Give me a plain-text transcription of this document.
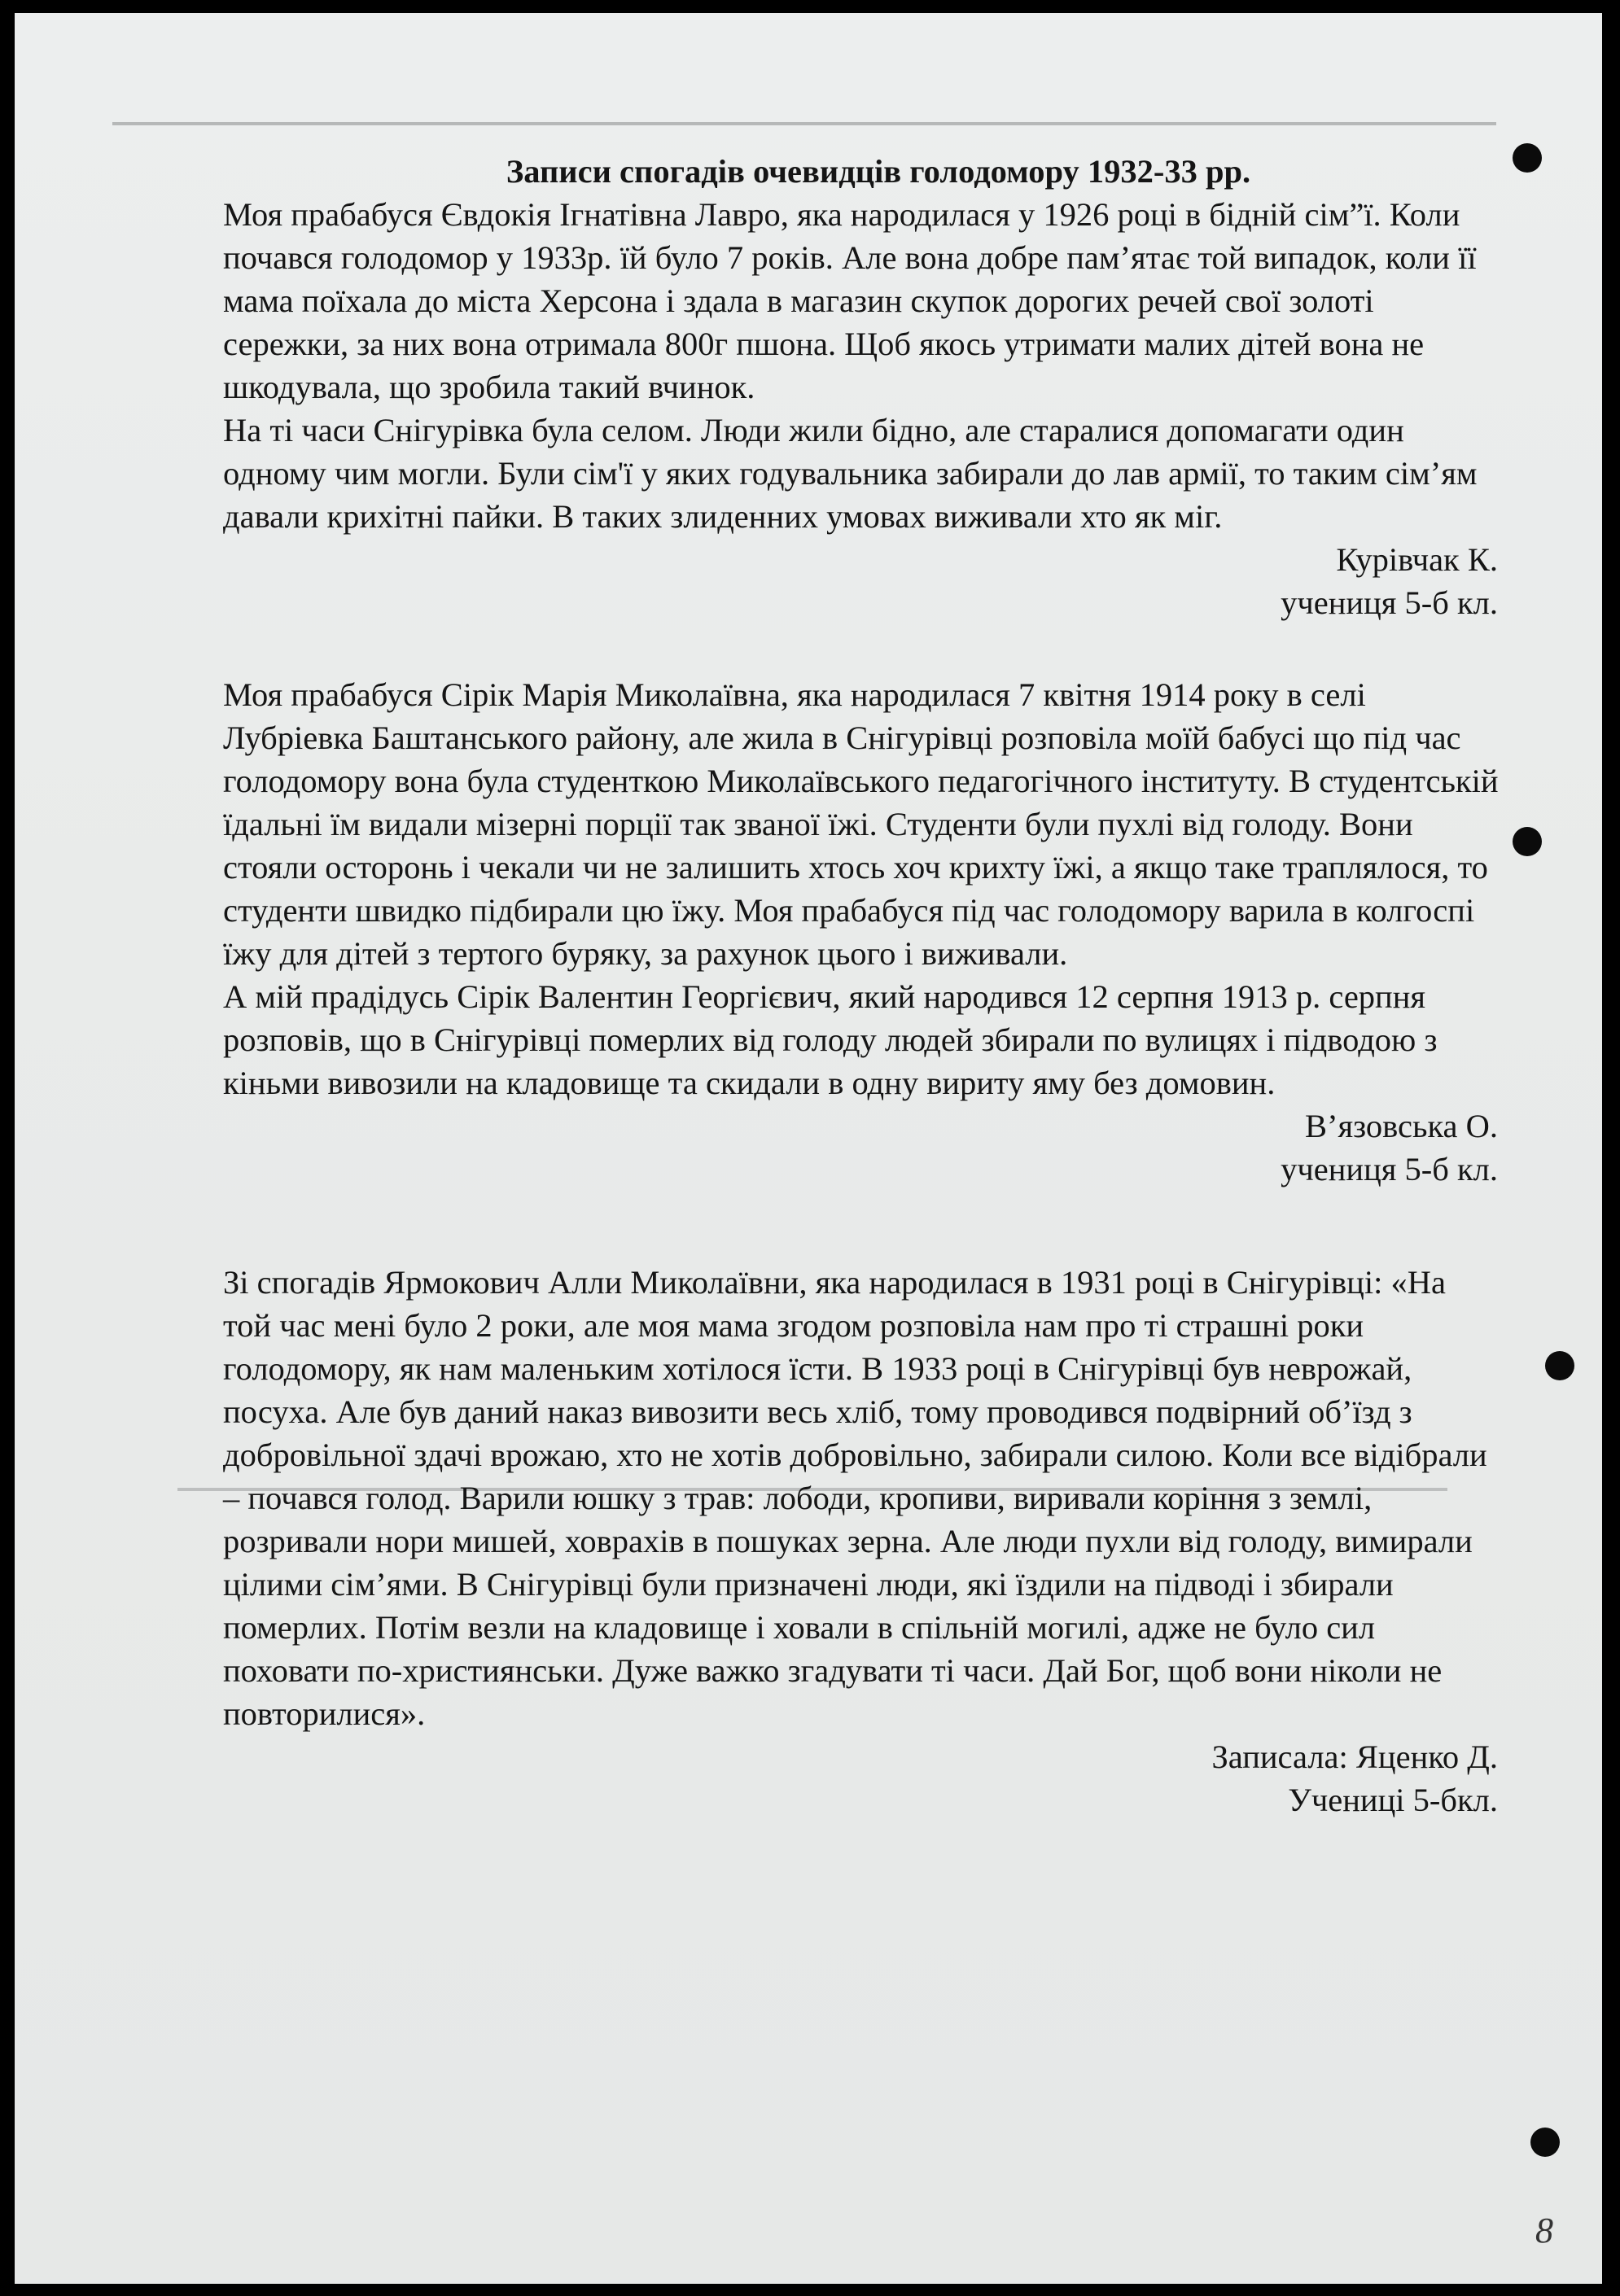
Записи спогадів очевидців голодомору 1932-33 рр.

Моя прабабуся Євдокія Ігнатівна Лавро, яка народилася у 1926 році в бідній сім”ї. Коли почався голодомор у 1933р. їй було 7 років. Але вона добре пам’ятає той випадок, коли її мама поїхала до міста Херсона і здала в магазин скупок дорогих речей свої золоті сережки, за них вона отримала 800г пшона. Щоб якось утримати малих дітей вона не шкодувала, що зробила такий вчинок.

На ті часи Снігурівка була селом. Люди жили бідно, але старалися допомагати один одному чим могли. Були сім'ї у яких годувальника забирали до лав армії, то таким сім’ям давали крихітні пайки. В таких злиденних умовах виживали хто як міг.

Курівчак К.
учениця 5-б кл.

Моя прабабуся Сірік Марія Миколаївна, яка народилася 7 квітня 1914 року в селі Лубріевка Баштанського району, але жила в Снігурівці розповіла моїй бабусі що під час голодомору вона була студенткою Миколаївського педагогічного інституту. В студентській їдальні їм видали мізерні порції так званої їжі. Студенти були пухлі від голоду. Вони стояли осторонь і чекали чи не залишить хтось хоч крихту їжі, а якщо таке траплялося, то студенти швидко підбирали цю їжу. Моя прабабуся під час голодомору варила в колгоспі їжу для дітей з тертого буряку, за рахунок цього і виживали.

А мій прадідусь Сірік Валентин Георгієвич, який народився 12 серпня 1913 р. серпня розповів, що в Снігурівці померлих від голоду людей збирали по вулицях і підводою з кіньми вивозили на кладовище та скидали в одну вириту яму без домовин.

В’язовська О.
учениця 5-б кл.

Зі спогадів Ярмокович Алли Миколаївни, яка народилася в 1931 році в Снігурівці: «На той час мені було 2 роки, але моя мама згодом розповіла нам про ті страшні роки голодомору, як нам маленьким хотілося їсти. В 1933 році в Снігурівці був неврожай, посуха. Але був даний наказ вивозити весь хліб, тому проводився подвірний об’їзд з добровільної здачі врожаю, хто не хотів добровільно, забирали силою. Коли все відібрали – почався голод. Варили юшку з трав: лободи, кропиви, виривали коріння з землі, розривали нори мишей, ховрахів в пошуках зерна. Але люди пухли від голоду, вимирали цілими сім’ями. В Снігурівці були призначені люди, які їздили на підводі і збирали померлих. Потім везли на кладовище і ховали в спільній могилі, адже не було сил поховати по-християнськи. Дуже важко згадувати ті часи. Дай Бог, щоб вони ніколи не повторилися».

Записала: Яценко Д.
Учениці 5-бкл.

8
